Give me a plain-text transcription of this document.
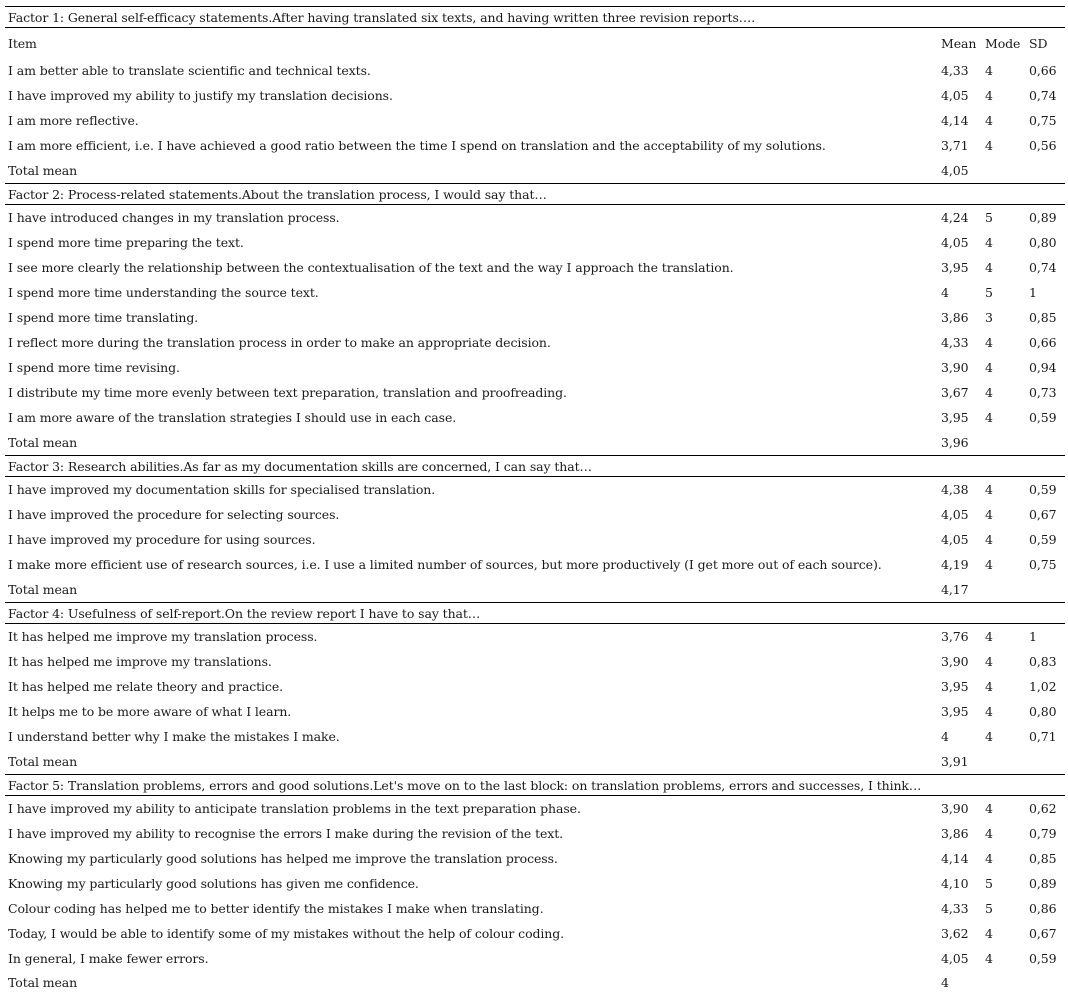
Factor 1: General self-efficacy statements.After having translated six texts, and having written three revision reports….			
Item	Mean	Mode	SD
I am better able to translate scientific and technical texts.	4,33	4	0,66
I have improved my ability to justify my translation decisions.	4,05	4	0,74
I am more reflective.	4,14	4	0,75
I am more efficient, i.e. I have achieved a good ratio between the time I spend on translation and the acceptability of my solutions.	3,71	4	0,56
Total mean	4,05		
Factor 2: Process-related statements.About the translation process, I would say that…			
I have introduced changes in my translation process.	4,24	5	0,89
I spend more time preparing the text.	4,05	4	0,80
I see more clearly the relationship between the contextualisation of the text and the way I approach the translation.	3,95	4	0,74
I spend more time understanding the source text.	4	5	1
I spend more time translating.	3,86	3	0,85
I reflect more during the translation process in order to make an appropriate decision.	4,33	4	0,66
I spend more time revising.	3,90	4	0,94
I distribute my time more evenly between text preparation, translation and proofreading.	3,67	4	0,73
I am more aware of the translation strategies I should use in each case.	3,95	4	0,59
Total mean	3,96		
Factor 3: Research abilities.As far as my documentation skills are concerned, I can say that…			
I have improved my documentation skills for specialised translation.	4,38	4	0,59
I have improved the procedure for selecting sources.	4,05	4	0,67
I have improved my procedure for using sources.	4,05	4	0,59
I make more efficient use of research sources, i.e. I use a limited number of sources, but more productively (I get more out of each source).	4,19	4	0,75
Total mean	4,17		
Factor 4: Usefulness of self-report.On the review report I have to say that…			
It has helped me improve my translation process.	3,76	4	1
It has helped me improve my translations.	3,90	4	0,83
It has helped me relate theory and practice.	3,95	4	1,02
It helps me to be more aware of what I learn.	3,95	4	0,80
I understand better why I make the mistakes I make.	4	4	0,71
Total mean	3,91		
Factor 5: Translation problems, errors and good solutions.Let's move on to the last block: on translation problems, errors and successes, I think…			
I have improved my ability to anticipate translation problems in the text preparation phase.	3,90	4	0,62
I have improved my ability to recognise the errors I make during the revision of the text.	3,86	4	0,79
Knowing my particularly good solutions has helped me improve the translation process.	4,14	4	0,85
Knowing my particularly good solutions has given me confidence.	4,10	5	0,89
Colour coding has helped me to better identify the mistakes I make when translating.	4,33	5	0,86
Today, I would be able to identify some of my mistakes without the help of colour coding.	3,62	4	0,67
In general, I make fewer errors.	4,05	4	0,59
Total mean	4		
